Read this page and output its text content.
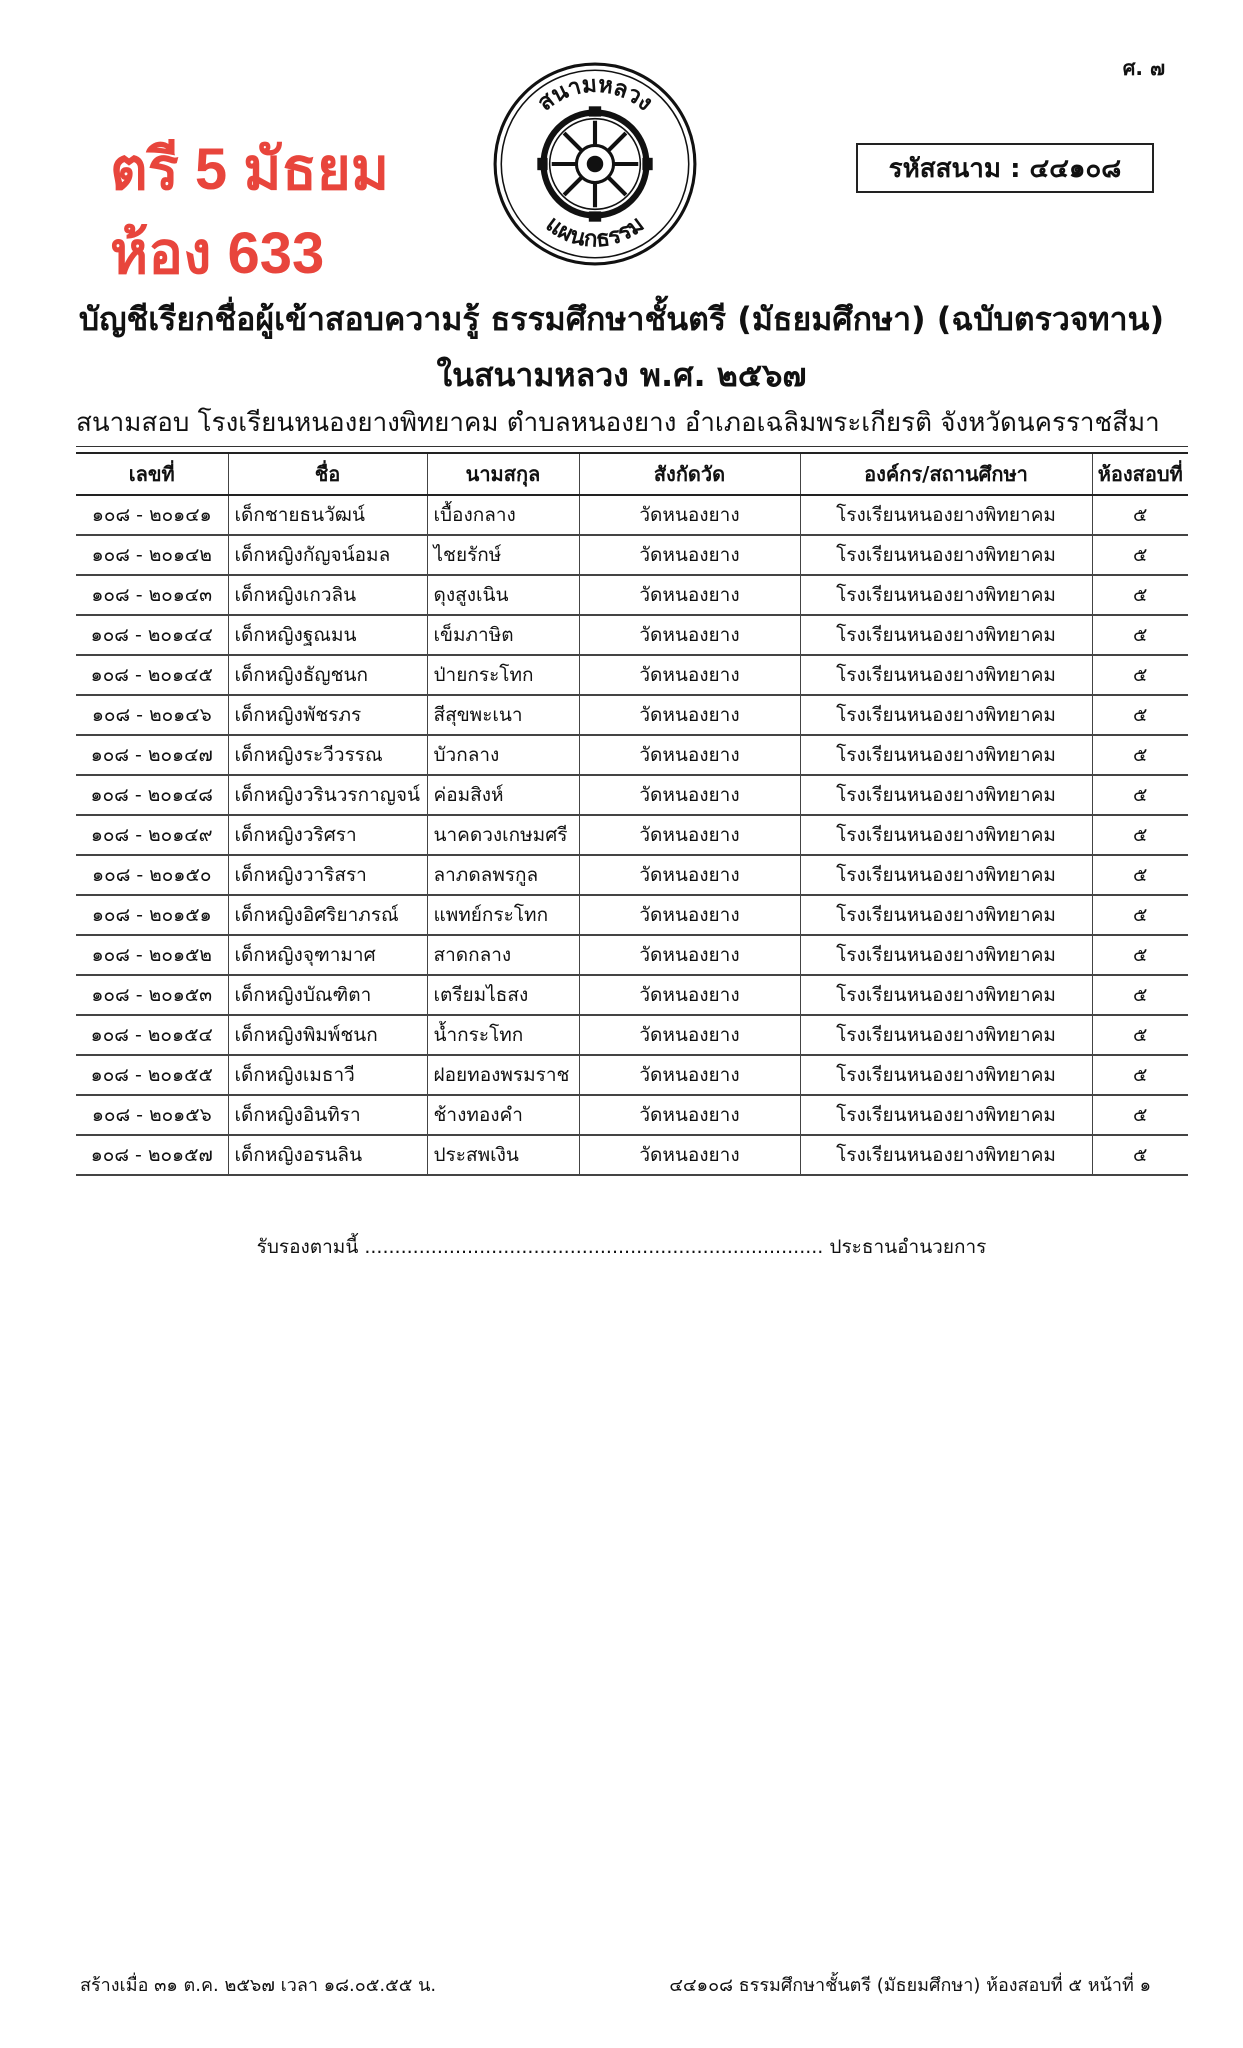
ศ. ๗
ตรี 5 มัธยม
ห้อง 633
สนามหลวง
แผนกธรรม
รหัสสนาม : ๔๔๑๐๘
บัญชีเรียกชื่อผู้เข้าสอบความรู้ ธรรมศึกษาชั้นตรี (มัธยมศึกษา) (ฉบับตรวจทาน)
ในสนามหลวง พ.ศ. ๒๕๖๗
สนามสอบ โรงเรียนหนองยางพิทยาคม ตำบลหนองยาง อำเภอเฉลิมพระเกียรติ จังหวัดนครราชสีมา
เลขที่	ชื่อ	นามสกุล	สังกัดวัด	องค์กร/สถานศึกษา	ห้องสอบที่
๑๐๘ - ๒๐๑๔๑	เด็กชายธนวัฒน์	เบื้องกลาง	วัดหนองยาง	โรงเรียนหนองยางพิทยาคม	๕
๑๐๘ - ๒๐๑๔๒	เด็กหญิงกัญจน์อมล	ไชยรักษ์	วัดหนองยาง	โรงเรียนหนองยางพิทยาคม	๕
๑๐๘ - ๒๐๑๔๓	เด็กหญิงเกวลิน	ดุงสูงเนิน	วัดหนองยาง	โรงเรียนหนองยางพิทยาคม	๕
๑๐๘ - ๒๐๑๔๔	เด็กหญิงฐณมน	เข็มภาษิต	วัดหนองยาง	โรงเรียนหนองยางพิทยาคม	๕
๑๐๘ - ๒๐๑๔๕	เด็กหญิงธัญชนก	ป่ายกระโทก	วัดหนองยาง	โรงเรียนหนองยางพิทยาคม	๕
๑๐๘ - ๒๐๑๔๖	เด็กหญิงพัชรภร	สีสุขพะเนา	วัดหนองยาง	โรงเรียนหนองยางพิทยาคม	๕
๑๐๘ - ๒๐๑๔๗	เด็กหญิงระวีวรรณ	บัวกลาง	วัดหนองยาง	โรงเรียนหนองยางพิทยาคม	๕
๑๐๘ - ๒๐๑๔๘	เด็กหญิงวรินวรกาญจน์	ค่อมสิงห์	วัดหนองยาง	โรงเรียนหนองยางพิทยาคม	๕
๑๐๘ - ๒๐๑๔๙	เด็กหญิงวริศรา	นาคดวงเกษมศรี	วัดหนองยาง	โรงเรียนหนองยางพิทยาคม	๕
๑๐๘ - ๒๐๑๕๐	เด็กหญิงวาริสรา	ลาภดลพรกูล	วัดหนองยาง	โรงเรียนหนองยางพิทยาคม	๕
๑๐๘ - ๒๐๑๕๑	เด็กหญิงอิศริยาภรณ์	แพทย์กระโทก	วัดหนองยาง	โรงเรียนหนองยางพิทยาคม	๕
๑๐๘ - ๒๐๑๕๒	เด็กหญิงจุฑามาศ	สาดกลาง	วัดหนองยาง	โรงเรียนหนองยางพิทยาคม	๕
๑๐๘ - ๒๐๑๕๓	เด็กหญิงบัณฑิตา	เตรียมไธสง	วัดหนองยาง	โรงเรียนหนองยางพิทยาคม	๕
๑๐๘ - ๒๐๑๕๔	เด็กหญิงพิมพ์ชนก	น้ำกระโทก	วัดหนองยาง	โรงเรียนหนองยางพิทยาคม	๕
๑๐๘ - ๒๐๑๕๕	เด็กหญิงเมธาวี	ฝอยทองพรมราช	วัดหนองยาง	โรงเรียนหนองยางพิทยาคม	๕
๑๐๘ - ๒๐๑๕๖	เด็กหญิงอินทิรา	ช้างทองคำ	วัดหนองยาง	โรงเรียนหนองยางพิทยาคม	๕
๑๐๘ - ๒๐๑๕๗	เด็กหญิงอรนลิน	ประสพเงิน	วัดหนองยาง	โรงเรียนหนองยางพิทยาคม	๕
รับรองตามนี้ ............................................................................ ประธานอำนวยการ
สร้างเมื่อ ๓๑ ต.ค. ๒๕๖๗ เวลา ๑๘.๐๕.๕๕ น.	๔๔๑๐๘ ธรรมศึกษาชั้นตรี (มัธยมศึกษา) ห้องสอบที่ ๕ หน้าที่ ๑
